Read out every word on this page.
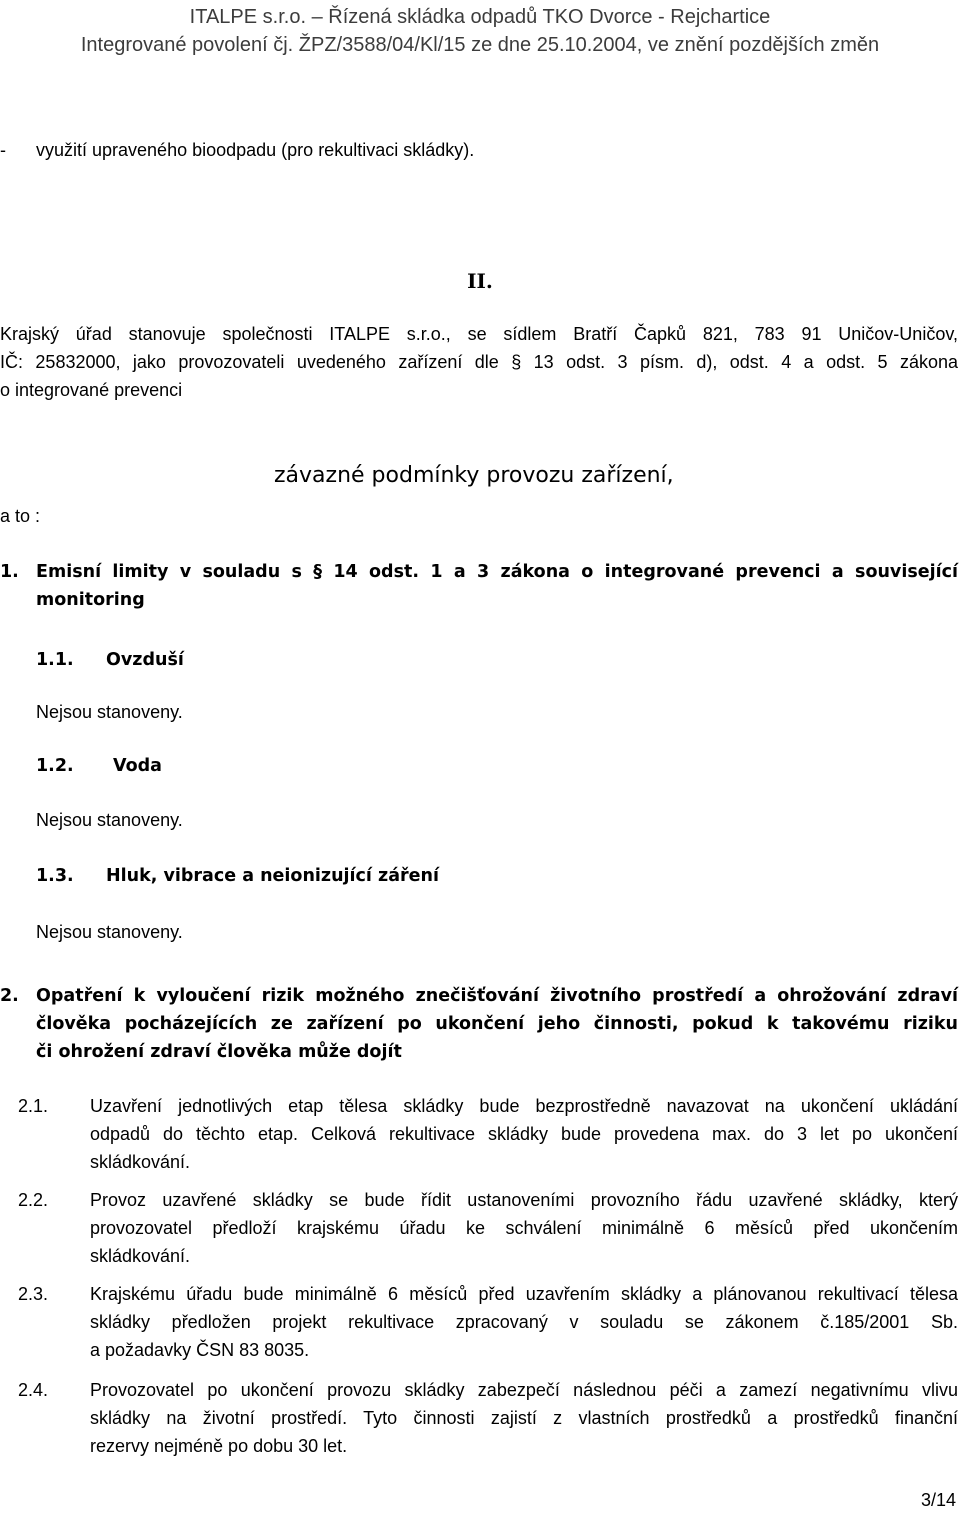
ITALPE s.r.o. – Řízená skládka odpadů TKO Dvorce - Rejchartice
Integrované povolení čj. ŽPZ/3588/04/Kl/15 ze dne 25.10.2004, ve znění pozdějších změn
- využití upraveného bioodpadu (pro rekultivaci skládky).
II.
Krajský úřad stanovuje společnosti ITALPE s.r.o., se sídlem Bratří Čapků 821, 783 91 Uničov-Uničov,
IČ: 25832000, jako provozovateli uvedeného zařízení dle § 13 odst. 3 písm. d), odst. 4 a odst. 5 zákona
o integrované prevenci
závazné podmínky provozu zařízení,
a to :
1. Emisní limity v souladu s § 14 odst. 1 a 3 zákona o integrované prevenci a související
monitoring
1.1. Ovzduší
Nejsou stanoveny.
1.2. Voda
Nejsou stanoveny.
1.3. Hluk, vibrace a neionizující záření
Nejsou stanoveny.
2. Opatření k vyloučení rizik možného znečišťování životního prostředí a ohrožování zdraví
člověka pocházejících ze zařízení po ukončení jeho činnosti, pokud k takovému riziku
či ohrožení zdraví člověka může dojít
2.1. Uzavření jednotlivých etap tělesa skládky bude bezprostředně navazovat na ukončení ukládání
odpadů do těchto etap. Celková rekultivace skládky bude provedena max. do 3 let po ukončení
skládkování.
2.2. Provoz uzavřené skládky se bude řídit ustanoveními provozního řádu uzavřené skládky, který
provozovatel předloží krajskému úřadu ke schválení minimálně 6 měsíců před ukončením
skládkování.
2.3. Krajskému úřadu bude minimálně 6 měsíců před uzavřením skládky a plánovanou rekultivací tělesa
skládky předložen projekt rekultivace zpracovaný v souladu se zákonem č.185/2001 Sb.
a požadavky ČSN 83 8035.
2.4. Provozovatel po ukončení provozu skládky zabezpečí následnou péči a zamezí negativnímu vlivu
skládky na životní prostředí. Tyto činnosti zajistí z vlastních prostředků a prostředků finanční
rezervy nejméně po dobu 30 let.
3/14
